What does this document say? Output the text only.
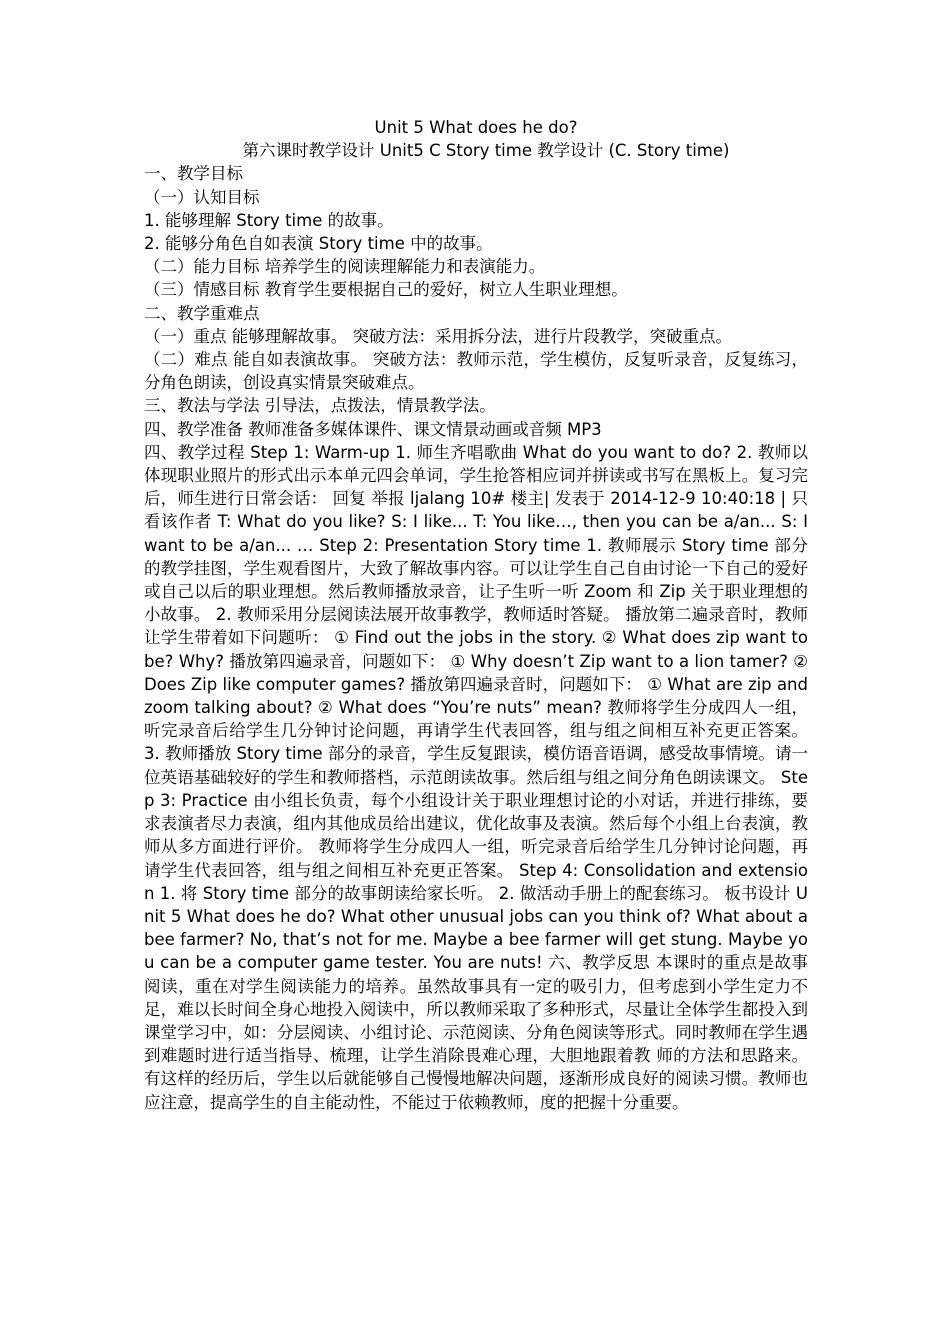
Unit 5 What does he do?

第六课时教学设计 Unit5 C Story time 教学设计 (C. Story time)

一、教学目标

（一）认知目标

1. 能够理解 Story time 的故事。

2. 能够分角色自如表演 Story time 中的故事。

（二）能力目标 培养学生的阅读理解能力和表演能力。

（三）情感目标 教育学生要根据自己的爱好，树立人生职业理想。

二、教学重难点

（一）重点 能够理解故事。 突破方法：采用拆分法，进行片段教学，突破重点。

（二）难点 能自如表演故事。 突破方法：教师示范，学生模仿，反复听录音，反复练习，分角色朗读，创设真实情景突破难点。

三、教法与学法 引导法，点拨法，情景教学法。

四、教学准备 教师准备多媒体课件、课文情景动画或音频 MP3

四、教学过程 Step 1: Warm-up 1. 师生齐唱歌曲 What do you want to do? 2. 教师以体现职业照片的形式出示本单元四会单词，学生抢答相应词并拼读或书写在黑板上。复习完后，师生进行日常会话： 回复 举报 ljalang 10# 楼主| 发表于 2014-12-9 10:40:18 | 只看该作者 T: What do you like? S: I like... T: You like…, then you can be a/an... S: I want to be a/an... … Step 2: Presentation Story time 1. 教师展示 Story time 部分的教学挂图，学生观看图片，大致了解故事内容。可以让学生自己自由讨论一下自己的爱好或自己以后的职业理想。然后教师播放录音，让子生听一听 Zoom 和 Zip 关于职业理想的小故事。 2. 教师采用分层阅读法展开故事教学，教师适时答疑。 播放第二遍录音时，教师让学生带着如下问题听： ① Find out the jobs in the story. ② What does zip want to be? Why? 播放第四遍录音，问题如下： ① Why doesn’t Zip want to a lion tamer? ② Does Zip like computer games? 播放第四遍录音时，问题如下： ① What are zip and zoom talking about? ② What does “You’re nuts” mean? 教师将学生分成四人一组，听完录音后给学生几分钟讨论问题，再请学生代表回答，组与组之间相互补充更正答案。 3. 教师播放 Story time 部分的录音，学生反复跟读，模仿语音语调，感受故事情境。请一位英语基础较好的学生和教师搭档，示范朗读故事。然后组与组之间分角色朗读课文。 Step 3: Practice 由小组长负责，每个小组设计关于职业理想讨论的小对话，并进行排练，要求表演者尽力表演，组内其他成员给出建议，优化故事及表演。然后每个小组上台表演，教师从多方面进行评价。 教师将学生分成四人一组，听完录音后给学生几分钟讨论问题，再请学生代表回答，组与组之间相互补充更正答案。 Step 4: Consolidation and extension 1. 将 Story time 部分的故事朗读给家长听。 2. 做活动手册上的配套练习。 板书设计 Unit 5 What does he do? What other unusual jobs can you think of? What about a bee farmer? No, that’s not for me. Maybe a bee farmer will get stung. Maybe you can be a computer game tester. You are nuts! 六、教学反思 本课时的重点是故事阅读，重在对学生阅读能力的培养。虽然故事具有一定的吸引力，但考虑到小学生定力不足，难以长时间全身心地投入阅读中，所以教师采取了多种形式，尽量让全体学生都投入到课堂学习中，如：分层阅读、小组讨论、示范阅读、分角色阅读等形式。同时教师在学生遇到难题时进行适当指导、梳理，让学生消除畏难心理，大胆地跟着教 师的方法和思路来。有这样的经历后，学生以后就能够自己慢慢地解决问题，逐渐形成良好的阅读习惯。教师也应注意，提高学生的自主能动性，不能过于依赖教师，度的把握十分重要。
